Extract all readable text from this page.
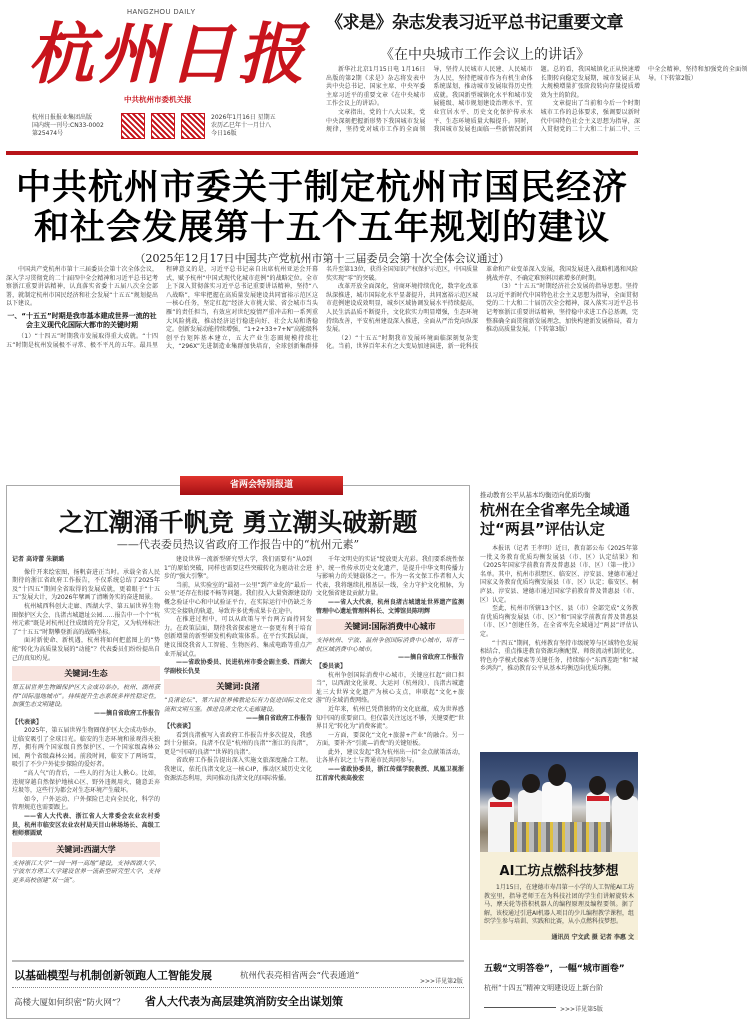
HANGZHOU DAILY
杭州日报
中共杭州市委机关报
杭州日报报业集团出版
国内统一刊号:CN33-0002
第25474号
2026年1月16日 星期五
农历乙巳年十一月廿八
今日16版
《求是》杂志发表习近平总书记重要文章
《在中央城市工作会议上的讲话》

新华社北京1月15日电 1月16日出版的第2期《求是》杂志将发表中共中央总书记、国家主席、中央军委主席习近平的重要文章《在中央城市工作会议上的讲话》。

文章指出，党的十八大以来，党中央深刻把握新形势下我国城市发展规律，坚持党对城市工作的全面领导，坚持人民城市人民建、人民城市为人民，坚持把城市作为有机生命体系统谋划，推动城市发展取得历史性成就。我国新型城镇化水平和城市发展能级、城市规划建设治理水平、宜业宜居水平、历史文化保护传承水平、生态环境质量大幅提升。同时，我国城市发展也面临一些新情况新问题。总的看，我国城镇化正从快速增长期转向稳定发展期，城市发展正从大规模增量扩张阶段转向存量提质增效为主的阶段。

文章提出了当前和今后一个时期城市工作的总体要求，强调要以新时代中国特色社会主义思想为指导，深入贯彻党的二十大和二十届二中、三中全会精神，坚持和加强党的全面领导。（下转第2版）

中共杭州市委关于制定杭州市国民经济
和社会发展第十五个五年规划的建议
（2025年12月17日中国共产党杭州市第十三届委员会第十次全体会议通过）

中国共产党杭州市第十三届委员会第十次全体会议，深入学习贯彻党的二十届四中全会精神和习近平总书记考察浙江重要讲话精神，认真落实省委十五届八次全会部署，就制定杭州市国民经济和社会发展“十五五”规划提出以下建议。

一、“十五五”时期是我市基本建成世界一流的社会主义现代化国际大都市的关键时期

（1）“十四五”时期我市发展取得重大成就。“十四五”时期是杭州发展极不寻常、极不平凡的五年。最具里程碑意义的是，习近平总书记亲自出席杭州亚运会开幕式，赋予杭州“中国式现代化城市范例”的战略定位。全市上下深入贯彻落实习近平总书记重要讲话精神，坚持“八八战略”，牢牢把握在高质量发展建设共同富裕示范区这一核心任务，坚定扛起“经济大市挑大梁、省会城市当头雁”的责任担当，有效应对世纪疫情严重冲击和一系列重大风险挑战，推动经济运行稳进向好、社会大局和谐稳定。创新发展动能持续增强，“1+2+33+7+N”高能级科创平台矩阵基本建立，五大产业生态圈规模持续壮大，“296X”先进制造业集群加快培育，全球创新集群排名升至第13位，获得全国知识产权保护示范区，中国质量奖实现“零”的突破。

改革开放全面深化，营商环境持续优化，数字化改革纵深推进，城市国际化水平显著提升，共同富裕示范区城市范例建设成效明显，城乡区域协调发展水平持续提高，人民生活品质不断提升，文化软实力明显增强，生态环境持续改善，平安杭州建设深入推进，全面从严治党向纵深发展。

（2）“十五五”时期我市发展环境面临深刻复杂变化。当前，世界百年未有之大变局加速演进，新一轮科技革命和产业变革深入发展，我国发展进入战略机遇和风险挑战并存、不确定难预料因素增多的时期。

（3）“十五五”时期经济社会发展的指导思想。坚持以习近平新时代中国特色社会主义思想为指导，全面贯彻党的二十大和二十届历次全会精神，深入落实习近平总书记考察浙江重要讲话精神，坚持稳中求进工作总基调，完整准确全面贯彻新发展理念，加快构建新发展格局，着力推动高质量发展。（下转第3版）

省两会特别报道
之江潮涌千帆竞 勇立潮头破新题
——代表委员热议省政府工作报告中的“杭州元素”
记者 高诗蕾 朱颖璐

像什开来绘宏图，扬帆奋进正当时。承载全省人民期待的浙江省政府工作报告，不仅系统总结了2025年及“十四五”期间全省取得的发展成就，更着眼于“十五五”发展大计，为2026年擘画了清晰务实的奋进图景。

杭州城西科创大走廊、西湖大学、第五届世界生物圈保护区大会、良渚古城遗址公园……报告中一个个“杭州元素”既是对杭州过往成绩的充分肯定，又为杭州标注了“十五五”时期攀登新高的战略坐标。

面对新使命、新机遇，杭州将如何把蓝图上的“势能”转化为高质量发展的“动能”？代表委员们纷纷提出自己的真知灼见。

关键词:生态

第五届世界生物圈保护区大会成功举办，杭州、湖州获得“国际湿地城市”。持续提升生态系统多样性稳定性，加强生态文明建设。

——摘自省政府工作报告

【代表谈】

2025年，第五届世界生物圈保护区大会成功举办，让临安吸引了全球目光。临安的生态环境和景观得天独厚，拥有两个国家级自然保护区、一个国家级森林公园、两个省级森林公园。前段时间，临安下了两场雪，吸引了不少户外徒步探险的爱好者。

“高人气”的背后，一些人的行为让人揪心。比如，违规穿越自然保护地核心区、野外违规用火、随意丢弃垃圾等，这些行为都会对生态环境产生破坏。

如今，户外运动、户外探险已走向全民化，科学的管理规范也需要跟上。

——省人大代表、浙江省人大常委会农业农村委员，杭州市临安区农业农村局天目山林场场长、高级工程师蔡圆斌

关键词:西湖大学

支持浙江大学“一园一网一高地”建设，支持西湖大学、宁波东方理工大学建设世界一流新型研究型大学，支持更多高校创建“双一流”。

建设世界一流新型研究型大学，我们需要有“从0到1”的原始突破，同样也需要这些突破转化为驱动社会进步的“强大引擎”。

当前，从实验室的“最初一公里”到产业化的“最后一公里”还存在衔接不畅等问题。我们投入大量资源建设的概念验证中心和中试验证平台，在实际运行中仍缺乏务实完全接轨的轨道，导致许多优秀成果卡在途中。

在推进过程中，可以从政策与平台两方面持同发力。在政策层面，期待我省探索建立一套更有利于培育创新增量的新型研发机构政策体系。在平台实践层面，建议围绕我省人工智能、生物医药、集成电路等重点产业开展试点。

——省政协委员、民进杭州市委会副主委、西湖大学副校长仇旻

关键词:良渚

“良渚论坛”、第六届世界佛教论坛有力促进国际文化交流和文明互鉴。推进良渚文化大走廊建设。

——摘自省政府工作报告

【代表谈】

看到良渚被写入省政府工作报告并多次提及，我感到十分振奋。良渚不仅是“杭州的良渚”“浙江的良渚”，更是“中国的良渚”“世界的良渚”。

省政府工作报告提出深入实施文旅深度融合工程。我建议，依托良渚文化这一核心IP，推动区域历史文化资源活态利用，共同推动良渚文化的国际传播。

千年文明史的实证”绽放更大光彩。我们要系统性保护、统一性传承历史文化遗产，是提升中华文明传播力与影响力的关键载体之一。作为一名文保工作者和人大代表，我将继续扎根基层一线，全力守护文化根脉，为文化强省建设贡献力量。

——省人大代表，杭州良渚古城遗址世界遗产监测管理中心遗址管理科科长、文博馆员陈明辉

关键词:国际消费中心城市

支持杭州、宁波、温州争创国际消费中心城市，培育一批区域消费中心城市。

——摘自省政府工作报告

【委员谈】

杭州争创国际消费中心城市，关键应扛起“窗口担当”，以西湖文化景观、大运河（杭州段）、良渚古城遗址三大世界文化遗产为核心支点，串联起“文化+旅游”的全域消费网络。

近年来，杭州已凭借独特的文化底蕴，成为世界感知中国的重要窗口。但仅靠关注远远不够，关键要把“世界目光”转化为“消费客流”。

一方面，要深化“文化+旅游+产业”的融合。另一方面，要补齐“引流—消费”的关键短板。

此外，建议发起“我为杭州出一招”金点献策活动，让各界有识之士与普通市民共同参与。

——省政协委员，浙江传媒学院教授、凤凰卫视浙江首席代表高俊宏

以基础模型与机制创新领跑人工智能发展	杭州代表亮相省两会“代表通道”
>>>详见第2版
高楼大厦如何织密“防火网”？ 省人大代表为高层建筑消防安全出谋划策
推动教育公平从基本均衡迈向优质均衡
杭州在全省率先全域通过“两县”评估认定

本报讯（记者 王孝明）近日，教育部公布《2025年第一批义务教育优质均衡发展县（市、区）认定结果》和《2025年国家学前教育普及普惠县（市、区）（第一批）》名单。其中，杭州市拱墅区、临安区、淳安县、建德市通过国家义务教育优质均衡发展县（市、区）认定；临安区、桐庐县、淳安县、建德市通过国家学前教育普及普惠县（市、区）认定。

至此，杭州市所辖13个区、县（市）全部完成“义务教育优质均衡发展县（市、区）”和“国家学前教育普及普惠县（市、区）”创建任务，在全省率先全域通过“两县”评估认定。

“十四五”期间，杭州教育坚持市级统筹与区域特色发展相结合，重点推进教育资源均衡配置、师资流动机制优化、特色办学模式探索等关键任务，持续缩小“东西差距”和“城乡鸿沟”，推动教育公平从基本均衡迈向优质均衡。

AI工坊点燃科技梦想
1月15日，在建德市寿昌第一小学的人工智能AI工坊教室里，指导老师王在为科技社团的学生们讲解旋转木马、摩天轮等搭积机器人的编程原理及编程要领。据了解，该校通过引进AI机器人项目的少儿编程教学课程，组织学生参与培训、实践和比赛，从小点燃科技梦想。
通讯员 宁文武 摄 记者 李惠 文
五载“文明答卷”，一幅“城市画卷”
杭州“十四五”精神文明建设迈上新台阶
>>>详见第5版
